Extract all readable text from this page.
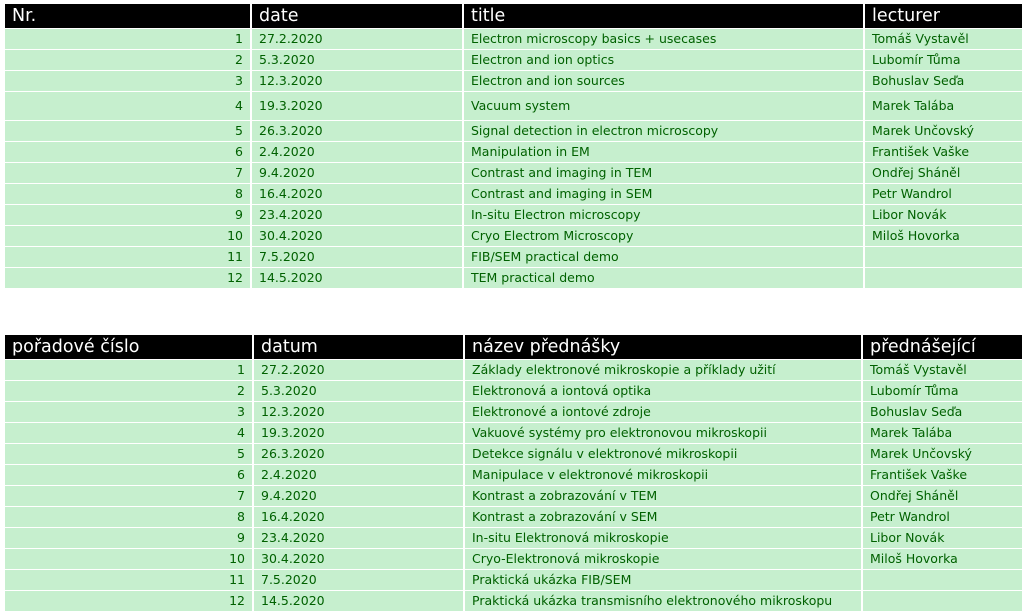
Nr.	date	title	lecturer
1	27.2.2020	Electron microscopy basics + usecases	Tomáš Vystavěl
2	5.3.2020	Electron and ion optics	Lubomír Tůma
3	12.3.2020	Electron and ion sources	Bohuslav Seďa
4	19.3.2020	Vacuum system	Marek Talába
5	26.3.2020	Signal detection in electron microscopy	Marek Unčovský
6	2.4.2020	Manipulation in EM	František Vaške
7	9.4.2020	Contrast and imaging in TEM	Ondřej Sháněl
8	16.4.2020	Contrast and imaging in SEM	Petr Wandrol
9	23.4.2020	In-situ Electron microscopy	Libor Novák
10	30.4.2020	Cryo Electrom Microscopy	Miloš Hovorka
11	7.5.2020	FIB/SEM practical demo	
12	14.5.2020	TEM practical demo	
pořadové číslo	datum	název přednášky	přednášející
1	27.2.2020	Základy elektronové mikroskopie a příklady užití	Tomáš Vystavěl
2	5.3.2020	Elektronová a iontová optika	Lubomír Tůma
3	12.3.2020	Elektronové a iontové zdroje	Bohuslav Seďa
4	19.3.2020	Vakuové systémy pro elektronovou mikroskopii	Marek Talába
5	26.3.2020	Detekce signálu v elektronové mikroskopii	Marek Unčovský
6	2.4.2020	Manipulace v elektronové mikroskopii	František Vaške
7	9.4.2020	Kontrast a zobrazování v TEM	Ondřej Sháněl
8	16.4.2020	Kontrast a zobrazování v SEM	Petr Wandrol
9	23.4.2020	In-situ Elektronová mikroskopie	Libor Novák
10	30.4.2020	Cryo-Elektronová mikroskopie	Miloš Hovorka
11	7.5.2020	Praktická ukázka FIB/SEM	
12	14.5.2020	Praktická ukázka transmisního elektronového mikroskopu	
